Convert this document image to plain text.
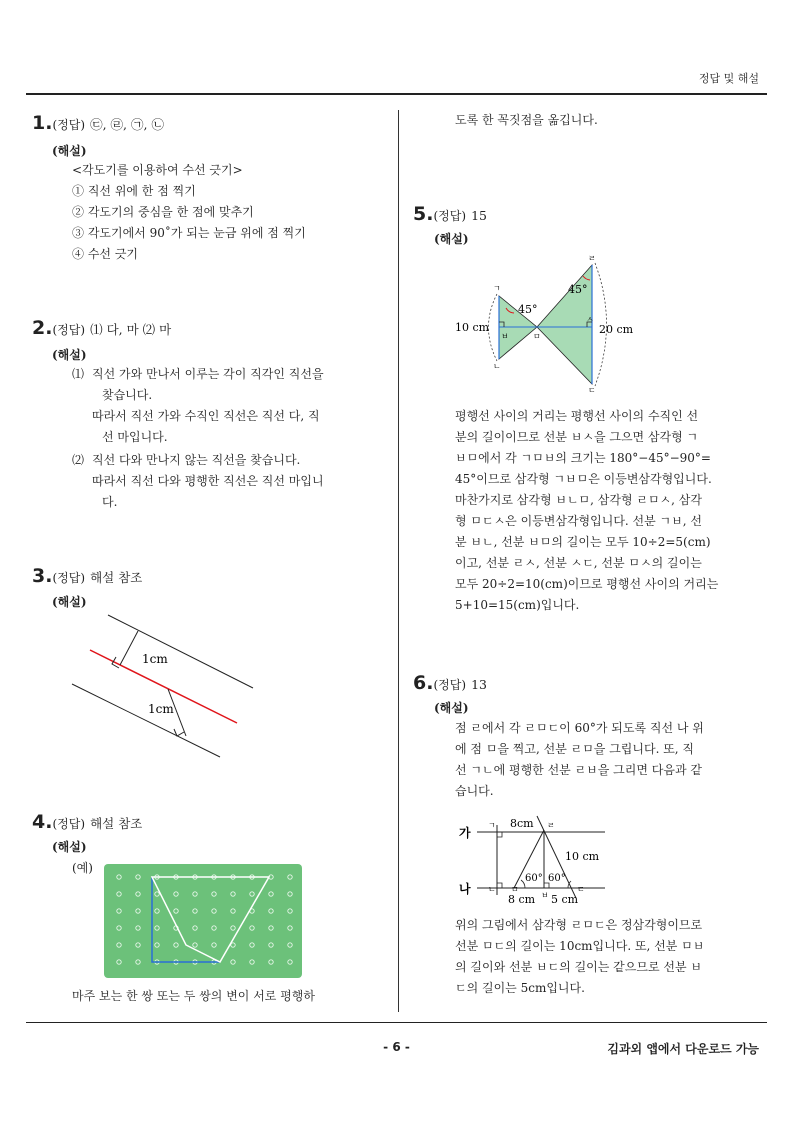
정답 및 해설
- 6 -	김과외 앱에서 다운로드 가능
1.(정답) ㉢, ㉣, ㉠, ㉡
(해설)
<각도기를 이용하여 수선 긋기>
① 직선 위에 한 점 찍기
② 각도기의 중심을 한 점에 맞추기
③ 각도기에서 90˚가 되는 눈금 위에 점 찍기
④ 수선 긋기
2.(정답) ⑴ 다, 마 ⑵ 마
(해설)
⑴ 직선 가와 만나서 이루는 각이 직각인 직선을
찾습니다.
따라서 직선 가와 수직인 직선은 직선 다, 직
선 마입니다.
⑵ 직선 다와 만나지 않는 직선을 찾습니다.
따라서 직선 다와 평행한 직선은 직선 마입니
다.
3.(정답) 해설 참조
(해설)
1cm
1cm
4.(정답) 해설 참조
(해설)
(예)
마주 보는 한 쌍 또는 두 쌍의 변이 서로 평행하
도록 한 꼭짓점을 옮깁니다.
5.(정답) 15
(해설)
45°
45°
10 cm	20 cm
ㄱ
ㅂ	ㅁ
ㄴ
ㄹ
ㅅ
ㄷ
평행선 사이의 거리는 평행선 사이의 수직인 선
분의 길이이므로 선분 ㅂㅅ을 그으면 삼각형 ㄱ
ㅂㅁ에서 각 ㄱㅁㅂ의 크기는 180°−45°−90°=
45°이므로 삼각형 ㄱㅂㅁ은 이등변삼각형입니다.
마찬가지로 삼각형 ㅂㄴㅁ, 삼각형 ㄹㅁㅅ, 삼각
형 ㅁㄷㅅ은 이등변삼각형입니다. 선분 ㄱㅂ, 선
분 ㅂㄴ, 선분 ㅂㅁ의 길이는 모두 10÷2=5(cm)
이고, 선분 ㄹㅅ, 선분 ㅅㄷ, 선분 ㅁㅅ의 길이는
모두 20÷2=10(cm)이므로 평행선 사이의 거리는
5+10=15(cm)입니다.
6.(정답) 13
(해설)
점 ㄹ에서 각 ㄹㅁㄷ이 60°가 되도록 직선 나 위
에 점 ㅁ을 찍고, 선분 ㄹㅁ을 그립니다. 또, 직
선 ㄱㄴ에 평행한 선분 ㄹㅂ을 그리면 다음과 같
습니다.
가
나
8cm
10 cm
60° 60°
8 cm 5 cm
ㄱ	ㄹ
ㄴ ㅁ
ㅂ
ㄷ
위의 그림에서 삼각형 ㄹㅁㄷ은 정삼각형이므로
선분 ㅁㄷ의 길이는 10cm입니다. 또, 선분 ㅁㅂ
의 길이와 선분 ㅂㄷ의 길이는 같으므로 선분 ㅂ
ㄷ의 길이는 5cm입니다.
